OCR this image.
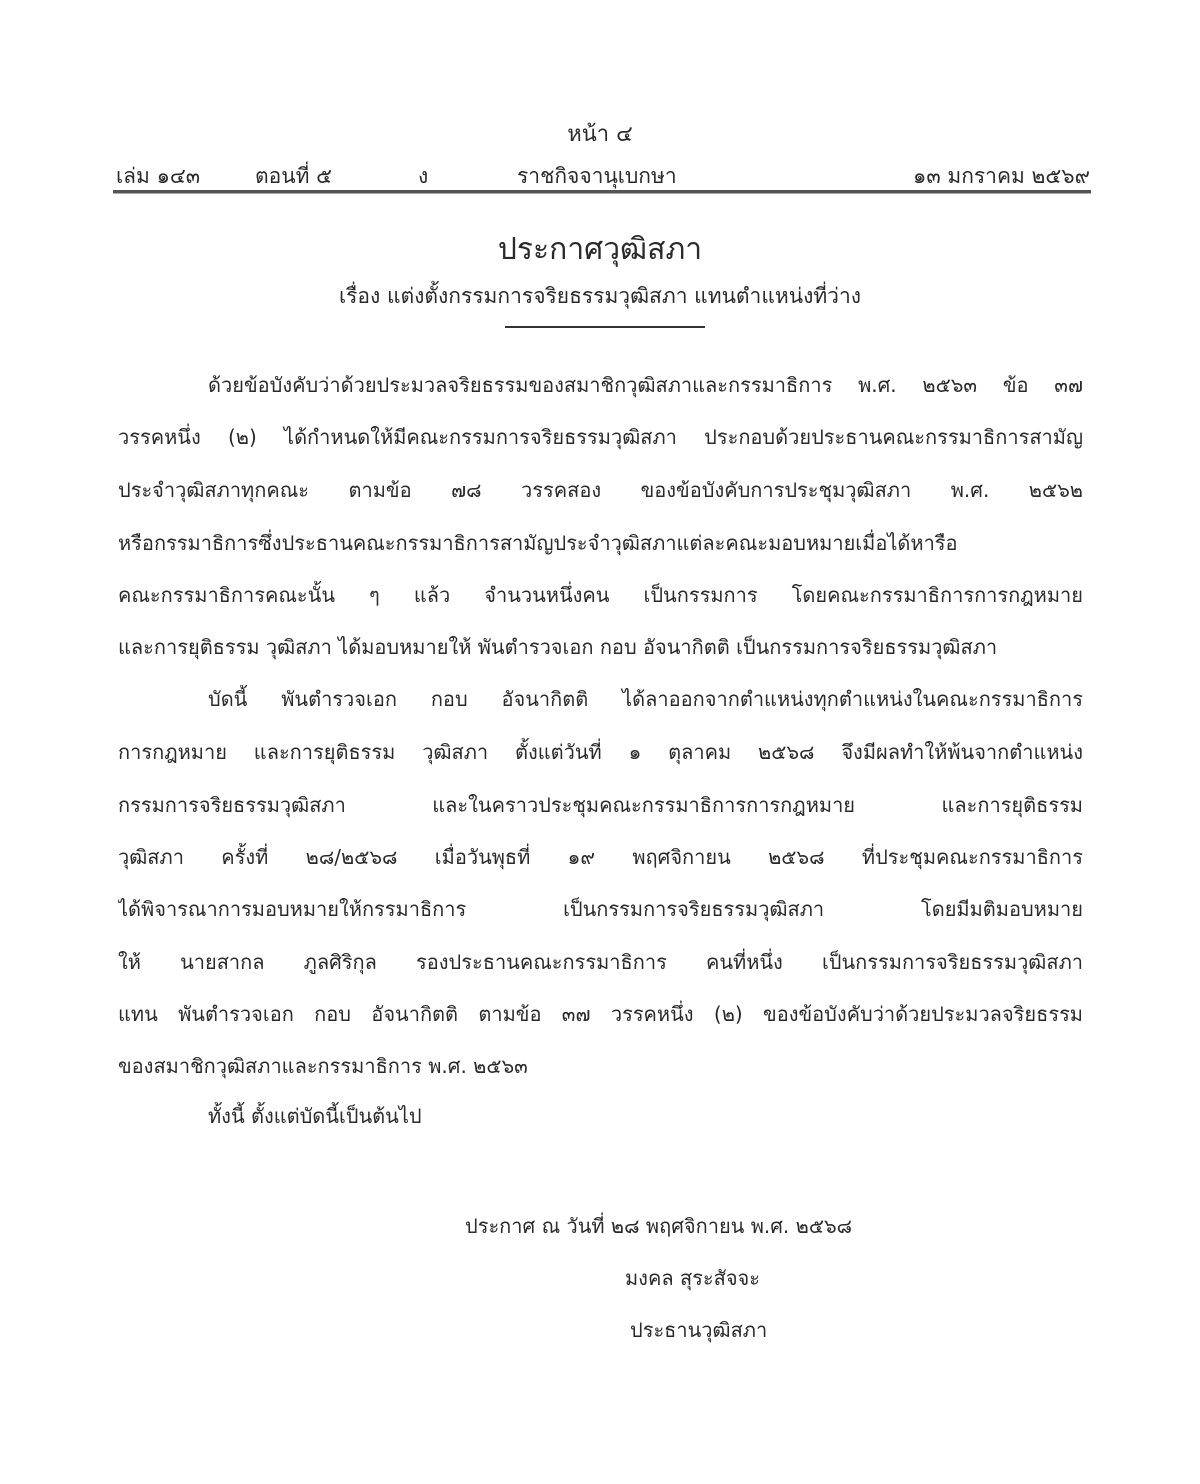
หน้า ๔
เล่ม ๑๔๓	ตอนที่ ๕	ง	ราชกิจจานุเบกษา	๑๓ มกราคม ๒๕๖๙
ประกาศวุฒิสภา
เรื่อง แต่งตั้งกรรมการจริยธรรมวุฒิสภา แทนตำแหน่งที่ว่าง
ด้วยข้อบังคับว่าด้วยประมวลจริยธรรมของสมาชิกวุฒิสภาและกรรมาธิการ พ.ศ. ๒๕๖๓ ข้อ ๓๗
วรรคหนึ่ง (๒) ได้กำหนดให้มีคณะกรรมการจริยธรรมวุฒิสภา ประกอบด้วยประธานคณะกรรมาธิการสามัญ
ประจำวุฒิสภาทุกคณะ ตามข้อ ๗๘ วรรคสอง ของข้อบังคับการประชุมวุฒิสภา พ.ศ. ๒๕๖๒
หรือกรรมาธิการซึ่งประธานคณะกรรมาธิการสามัญประจำวุฒิสภาแต่ละคณะมอบหมายเมื่อได้หารือ
คณะกรรมาธิการคณะนั้น ๆ แล้ว จำนวนหนึ่งคน เป็นกรรมการ โดยคณะกรรมาธิการการกฎหมาย
และการยุติธรรม วุฒิสภา ได้มอบหมายให้ พันตำรวจเอก กอบ อัจนากิตติ เป็นกรรมการจริยธรรมวุฒิสภา
บัดนี้ พันตำรวจเอก กอบ อัจนากิตติ ได้ลาออกจากตำแหน่งทุกตำแหน่งในคณะกรรมาธิการ
การกฎหมาย และการยุติธรรม วุฒิสภา ตั้งแต่วันที่ ๑ ตุลาคม ๒๕๖๘ จึงมีผลทำให้พ้นจากตำแหน่ง
กรรมการจริยธรรมวุฒิสภา และในคราวประชุมคณะกรรมาธิการการกฎหมาย และการยุติธรรม
วุฒิสภา ครั้งที่ ๒๘/๒๕๖๘ เมื่อวันพุธที่ ๑๙ พฤศจิกายน ๒๕๖๘ ที่ประชุมคณะกรรมาธิการ
ได้พิจารณาการมอบหมายให้กรรมาธิการ เป็นกรรมการจริยธรรมวุฒิสภา โดยมีมติมอบหมาย
ให้ นายสากล ภูลศิริกุล รองประธานคณะกรรมาธิการ คนที่หนึ่ง เป็นกรรมการจริยธรรมวุฒิสภา
แทน พันตำรวจเอก กอบ อัจนากิตติ ตามข้อ ๓๗ วรรคหนึ่ง (๒) ของข้อบังคับว่าด้วยประมวลจริยธรรม
ของสมาชิกวุฒิสภาและกรรมาธิการ พ.ศ. ๒๕๖๓
ทั้งนี้ ตั้งแต่บัดนี้เป็นต้นไป
ประกาศ ณ วันที่ ๒๘ พฤศจิกายน พ.ศ. ๒๕๖๘
มงคล สุระสัจจะ
ประธานวุฒิสภา
